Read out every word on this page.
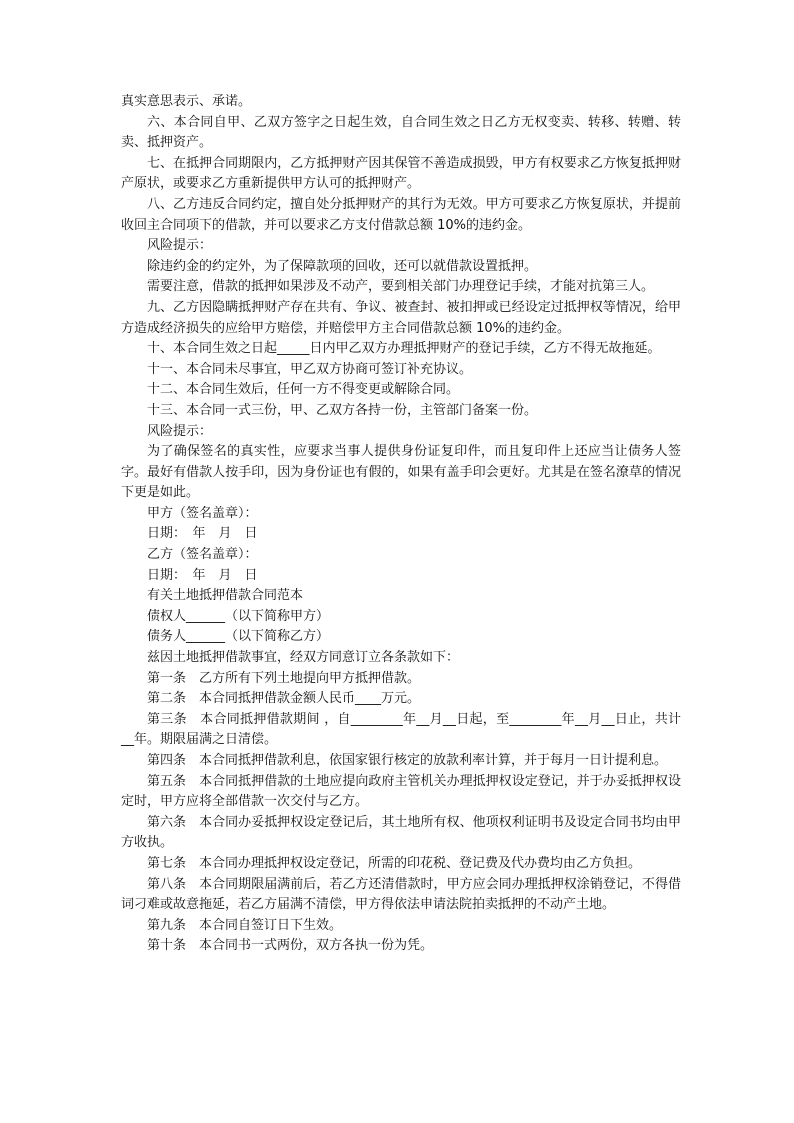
真实意思表示、承诺。

六、本合同自甲、乙双方签字之日起生效，自合同生效之日乙方无权变卖、转移、转赠、转卖、抵押资产。

七、在抵押合同期限内，乙方抵押财产因其保管不善造成损毁，甲方有权要求乙方恢复抵押财产原状，或要求乙方重新提供甲方认可的抵押财产。

八、乙方违反合同约定，擅自处分抵押财产的其行为无效。甲方可要求乙方恢复原状，并提前收回主合同项下的借款，并可以要求乙方支付借款总额 10%的违约金。

风险提示：

除违约金的约定外，为了保障款项的回收，还可以就借款设置抵押。

需要注意，借款的抵押如果涉及不动产，要到相关部门办理登记手续，才能对抗第三人。

九、乙方因隐瞒抵押财产存在共有、争议、被查封、被扣押或已经设定过抵押权等情况，给甲方造成经济损失的应给甲方赔偿，并赔偿甲方主合同借款总额 10%的违约金。

十、本合同生效之日起_____日内甲乙双方办理抵押财产的登记手续，乙方不得无故拖延。

十一、本合同未尽事宜，甲乙双方协商可签订补充协议。

十二、本合同生效后，任何一方不得变更或解除合同。

十三、本合同一式三份，甲、乙双方各持一份，主管部门备案一份。

风险提示：

为了确保签名的真实性，应要求当事人提供身份证复印件，而且复印件上还应当让债务人签字。最好有借款人按手印，因为身份证也有假的，如果有盖手印会更好。尤其是在签名潦草的情况下更是如此。

甲方（签名盖章）：

日期：　年　月　日

乙方（签名盖章）：

日期：　年　月　日

有关土地抵押借款合同范本

债权人______（以下简称甲方）

债务人______（以下简称乙方）

兹因土地抵押借款事宜，经双方同意订立各条款如下：

第一条　乙方所有下列土地提向甲方抵押借款。

第二条　本合同抵押借款金额人民币____万元。

第三条　本合同抵押借款期间 ，自________年__月__日起，至________年__月__日止，共计__年。期限届满之日清偿。

第四条　本合同抵押借款利息，依国家银行核定的放款利率计算，并于每月一日计提利息。

第五条　本合同抵押借款的土地应提向政府主管机关办理抵押权设定登记，并于办妥抵押权设定时，甲方应将全部借款一次交付与乙方。

第六条　本合同办妥抵押权设定登记后，其土地所有权、他项权利证明书及设定合同书均由甲方收执。

第七条　本合同办理抵押权设定登记，所需的印花税、登记费及代办费均由乙方负担。

第八条　本合同期限届满前后，若乙方还清借款时，甲方应会同办理抵押权涂销登记，不得借词刁难或故意拖延，若乙方届满不清偿，甲方得依法申请法院拍卖抵押的不动产土地。

第九条　本合同自签订日下生效。

第十条　本合同书一式两份，双方各执一份为凭。
